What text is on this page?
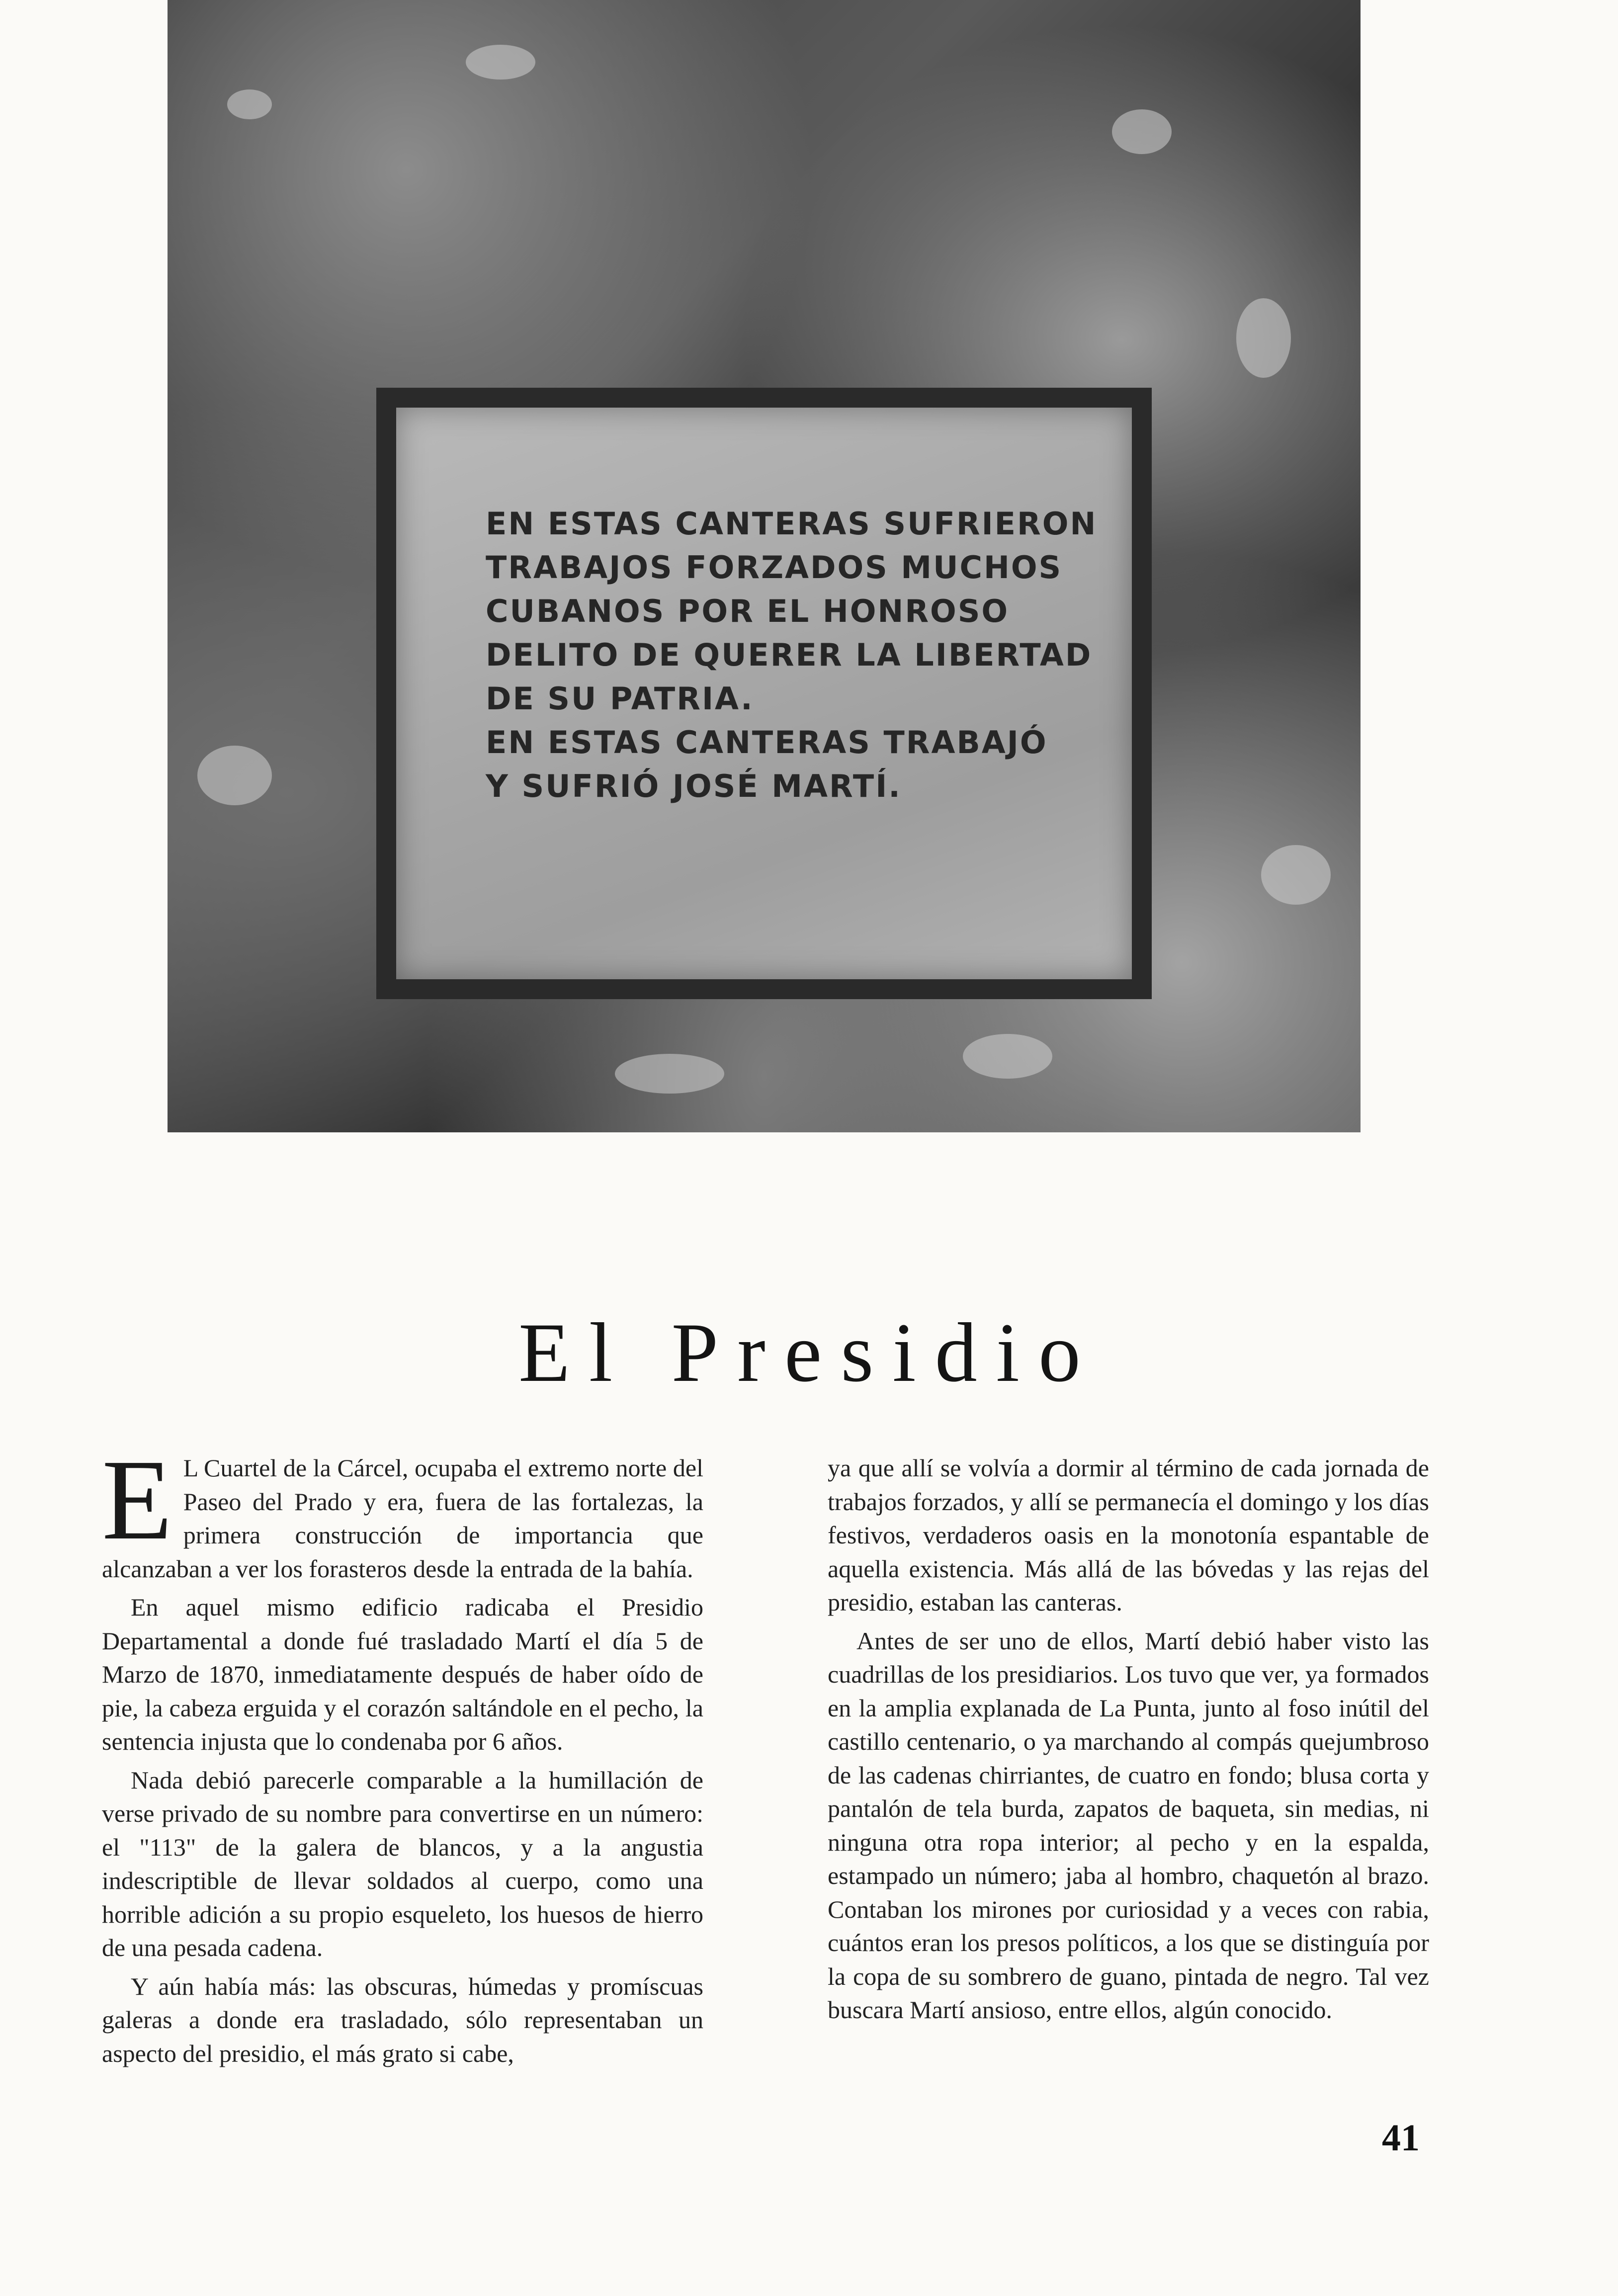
EN ESTAS CANTERAS SUFRIERON
TRABAJOS FORZADOS MUCHOS
CUBANOS POR EL HONROSO
DELITO DE QUERER LA LIBERTAD
DE SU PATRIA.
EN ESTAS CANTERAS TRABAJÓ
Y SUFRIÓ JOSÉ MARTÍ.
El Presidio

E L Cuartel de la Cárcel, ocupaba el extremo norte del Paseo del Prado y era, fuera de las fortalezas, la primera construcción de importancia que alcanzaban a ver los forasteros desde la entrada de la bahía.

En aquel mismo edificio radicaba el Presidio Departamental a donde fué trasladado Martí el día 5 de Marzo de 1870, inmediatamente después de haber oído de pie, la cabeza erguida y el corazón saltándole en el pecho, la sentencia injusta que lo condenaba por 6 años.

Nada debió parecerle comparable a la humillación de verse privado de su nombre para convertirse en un número: el "113" de la galera de blancos, y a la angustia indescriptible de llevar soldados al cuerpo, como una horrible adición a su propio esqueleto, los huesos de hierro de una pesada cadena.

Y aún había más: las obscuras, húmedas y promíscuas galeras a donde era trasladado, sólo representaban un aspecto del presidio, el más grato si cabe,

ya que allí se volvía a dormir al término de cada jornada de trabajos forzados, y allí se permanecía el domingo y los días festivos, verdaderos oasis en la monotonía espantable de aquella existencia. Más allá de las bóvedas y las rejas del presidio, estaban las canteras.

Antes de ser uno de ellos, Martí debió haber visto las cuadrillas de los presidiarios. Los tuvo que ver, ya formados en la amplia explanada de La Punta, junto al foso inútil del castillo centenario, o ya marchando al compás quejumbroso de las cadenas chirriantes, de cuatro en fondo; blusa corta y pantalón de tela burda, zapatos de baqueta, sin medias, ni ninguna otra ropa interior; al pecho y en la espalda, estampado un número; jaba al hombro, chaquetón al brazo. Contaban los mirones por curiosidad y a veces con rabia, cuántos eran los presos políticos, a los que se distinguía por la copa de su sombrero de guano, pintada de negro. Tal vez buscara Martí ansioso, entre ellos, algún conocido.

41
